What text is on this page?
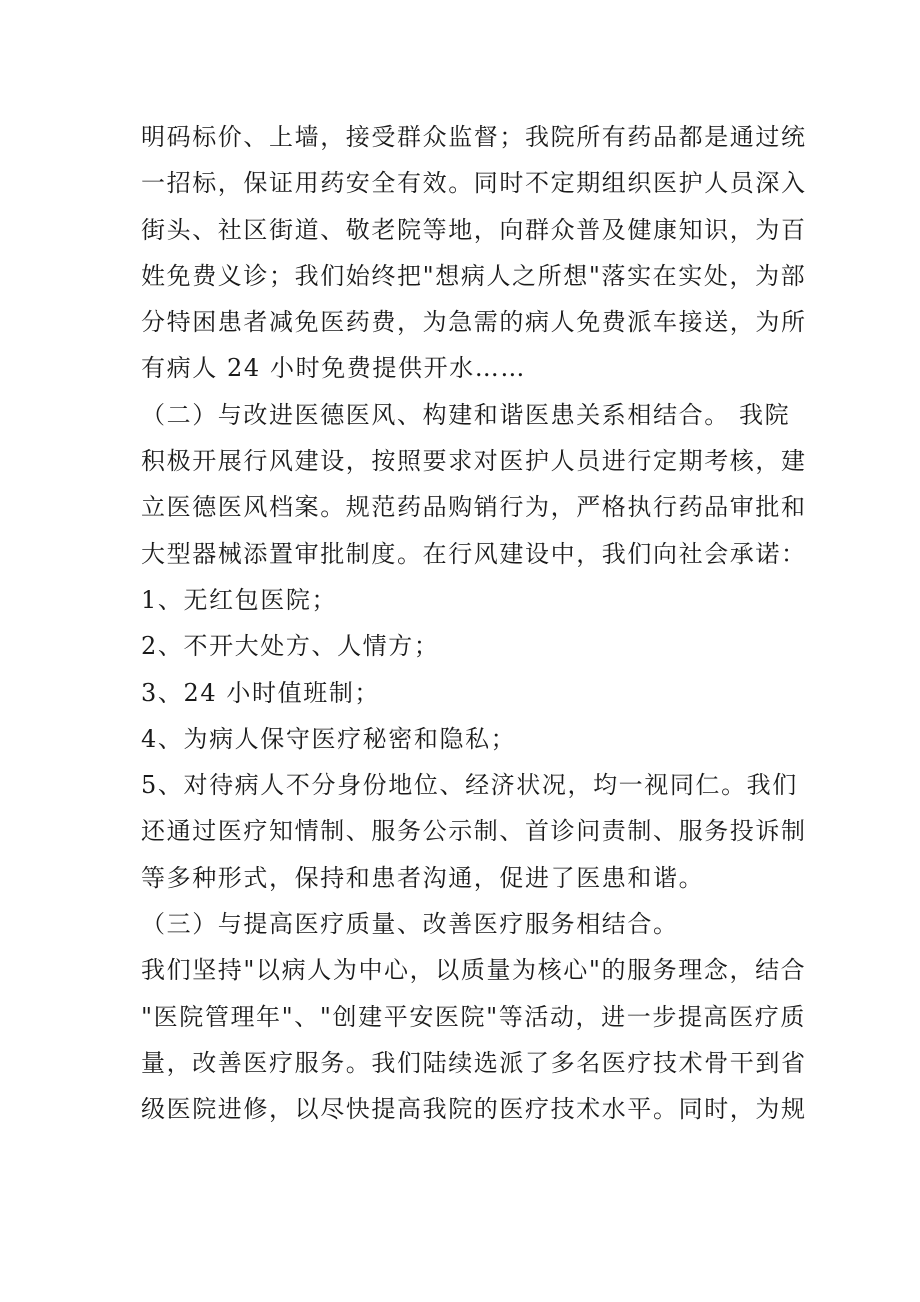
明码标价、上墙，接受群众监督；我院所有药品都是通过统
一招标，保证用药安全有效。同时不定期组织医护人员深入
街头、社区街道、敬老院等地，向群众普及健康知识，为百
姓免费义诊；我们始终把"想病人之所想"落实在实处，为部
分特困患者减免医药费，为急需的病人免费派车接送，为所
有病人 24 小时免费提供开水……
（二）与改进医德医风、构建和谐医患关系相结合。 我院
积极开展行风建设，按照要求对医护人员进行定期考核，建
立医德医风档案。规范药品购销行为，严格执行药品审批和
大型器械添置审批制度。在行风建设中，我们向社会承诺：
1、无红包医院；
2、不开大处方、人情方；
3、24 小时值班制；
4、为病人保守医疗秘密和隐私；
5、对待病人不分身份地位、经济状况，均一视同仁。我们
还通过医疗知情制、服务公示制、首诊问责制、服务投诉制
等多种形式，保持和患者沟通，促进了医患和谐。
（三）与提高医疗质量、改善医疗服务相结合。
我们坚持"以病人为中心，以质量为核心"的服务理念，结合
"医院管理年"、"创建平安医院"等活动，进一步提高医疗质
量，改善医疗服务。我们陆续选派了多名医疗技术骨干到省
级医院进修，以尽快提高我院的医疗技术水平。同时，为规
